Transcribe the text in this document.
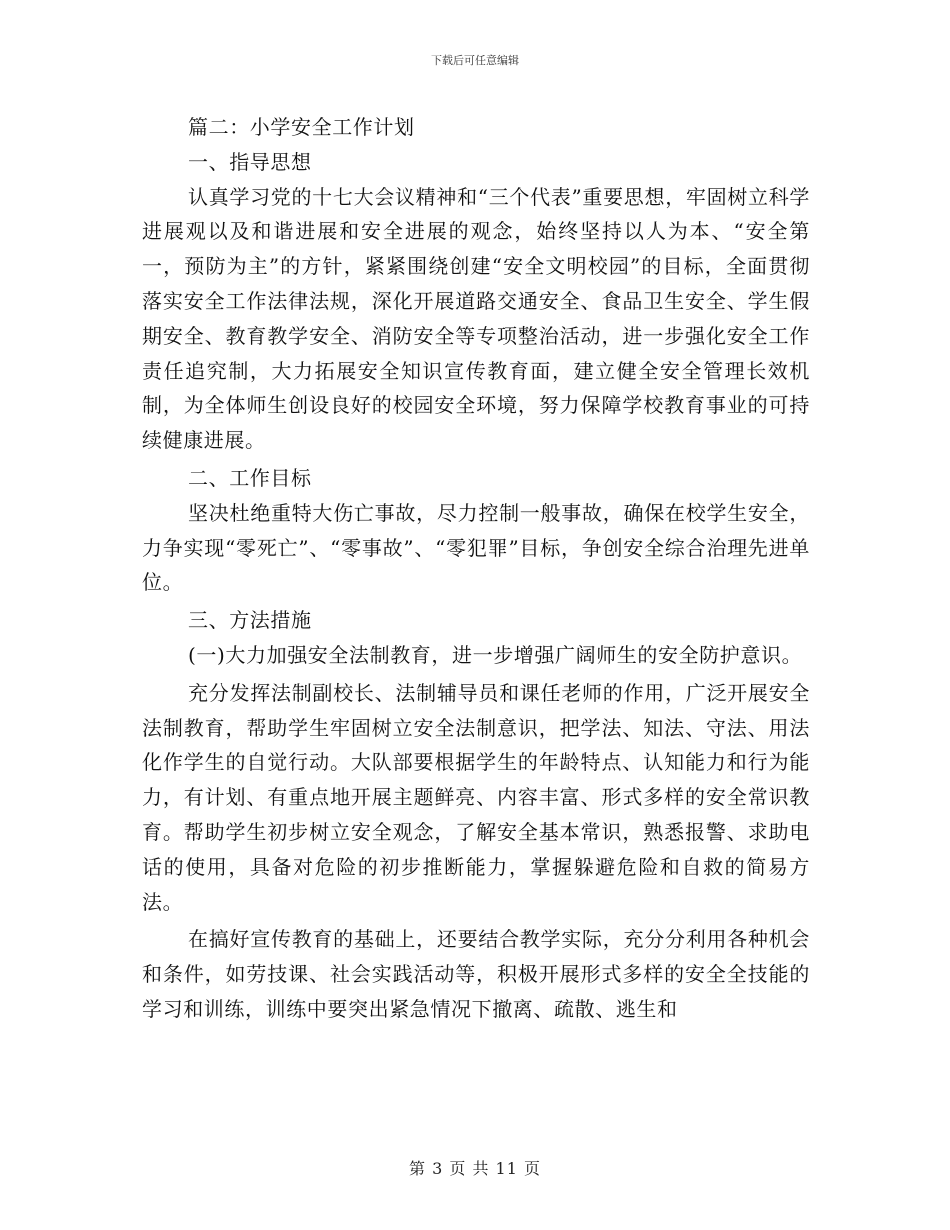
下载后可任意编辑

篇二：小学安全工作计划

一、指导思想

认真学习党的十七大会议精神和“三个代表”重要思想，牢固树立科学进展观以及和谐进展和安全进展的观念，始终坚持以人为本、“安全第一，预防为主”的方针，紧紧围绕创建“安全文明校园”的目标，全面贯彻落实安全工作法律法规，深化开展道路交通安全、食品卫生安全、学生假期安全、教育教学安全、消防安全等专项整治活动，进一步强化安全工作责任追究制，大力拓展安全知识宣传教育面，建立健全安全管理长效机制，为全体师生创设良好的校园安全环境，努力保障学校教育事业的可持续健康进展。

二、工作目标

坚决杜绝重特大伤亡事故，尽力控制一般事故，确保在校学生安全，力争实现“零死亡”、“零事故”、“零犯罪”目标，争创安全综合治理先进单位。

三、方法措施

(一)大力加强安全法制教育，进一步增强广阔师生的安全防护意识。

充分发挥法制副校长、法制辅导员和课任老师的作用，广泛开展安全法制教育，帮助学生牢固树立安全法制意识，把学法、知法、守法、用法化作学生的自觉行动。大队部要根据学生的年龄特点、认知能力和行为能力，有计划、有重点地开展主题鲜亮、内容丰富、形式多样的安全常识教育。帮助学生初步树立安全观念，了解安全基本常识，熟悉报警、求助电话的使用，具备对危险的初步推断能力，掌握躲避危险和自救的简易方法。

在搞好宣传教育的基础上，还要结合教学实际，充分分利用各种机会和条件，如劳技课、社会实践活动等，积极开展形式多样的安全全技能的学习和训练，训练中要突出紧急情况下撤离、疏散、逃生和

第 3 页 共 11 页
